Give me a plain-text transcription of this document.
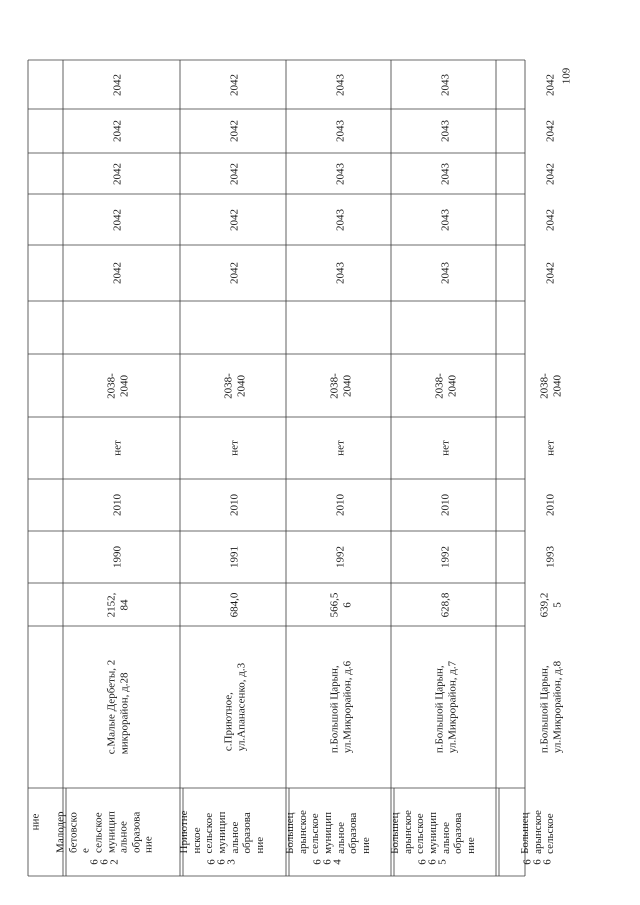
109
ние
6
6
2
Малодер
бетовско
е
сельское
муницип
альное
образова
ние
с.Малые Дербеты, 2
микрорайон, д.28
2152,
84
1990
2010
нет
2038-
2040
2042
2042
2042
2042
2042
6
6
3
Приютне
нское
сельское
муницип
альное
образова
ние
с.Приютное,
ул.Апанасенко, д.3
684,0
1991
2010
нет
2038-
2040
2042
2042
2042
2042
2042
6
6
4
Большец
арынское
сельское
муницип
альное
образова
ние
п.Большой Царын,
ул.Микрорайон, д.6
566,5
6
1992
2010
нет
2038-
2040
2043
2043
2043
2043
2043
6
6
5
Большец
арынское
сельское
муницип
альное
образова
ние
п.Большой Царын,
ул.Микрорайон, д.7
628,8
1992
2010
нет
2038-
2040
2043
2043
2043
2043
2043
6
6
6
Большец
арынское
сельское
п.Большой Царын,
ул.Микрорайон, д.8
639,2
5
1993
2010
нет
2038-
2040
2042
2042
2042
2042
2042
